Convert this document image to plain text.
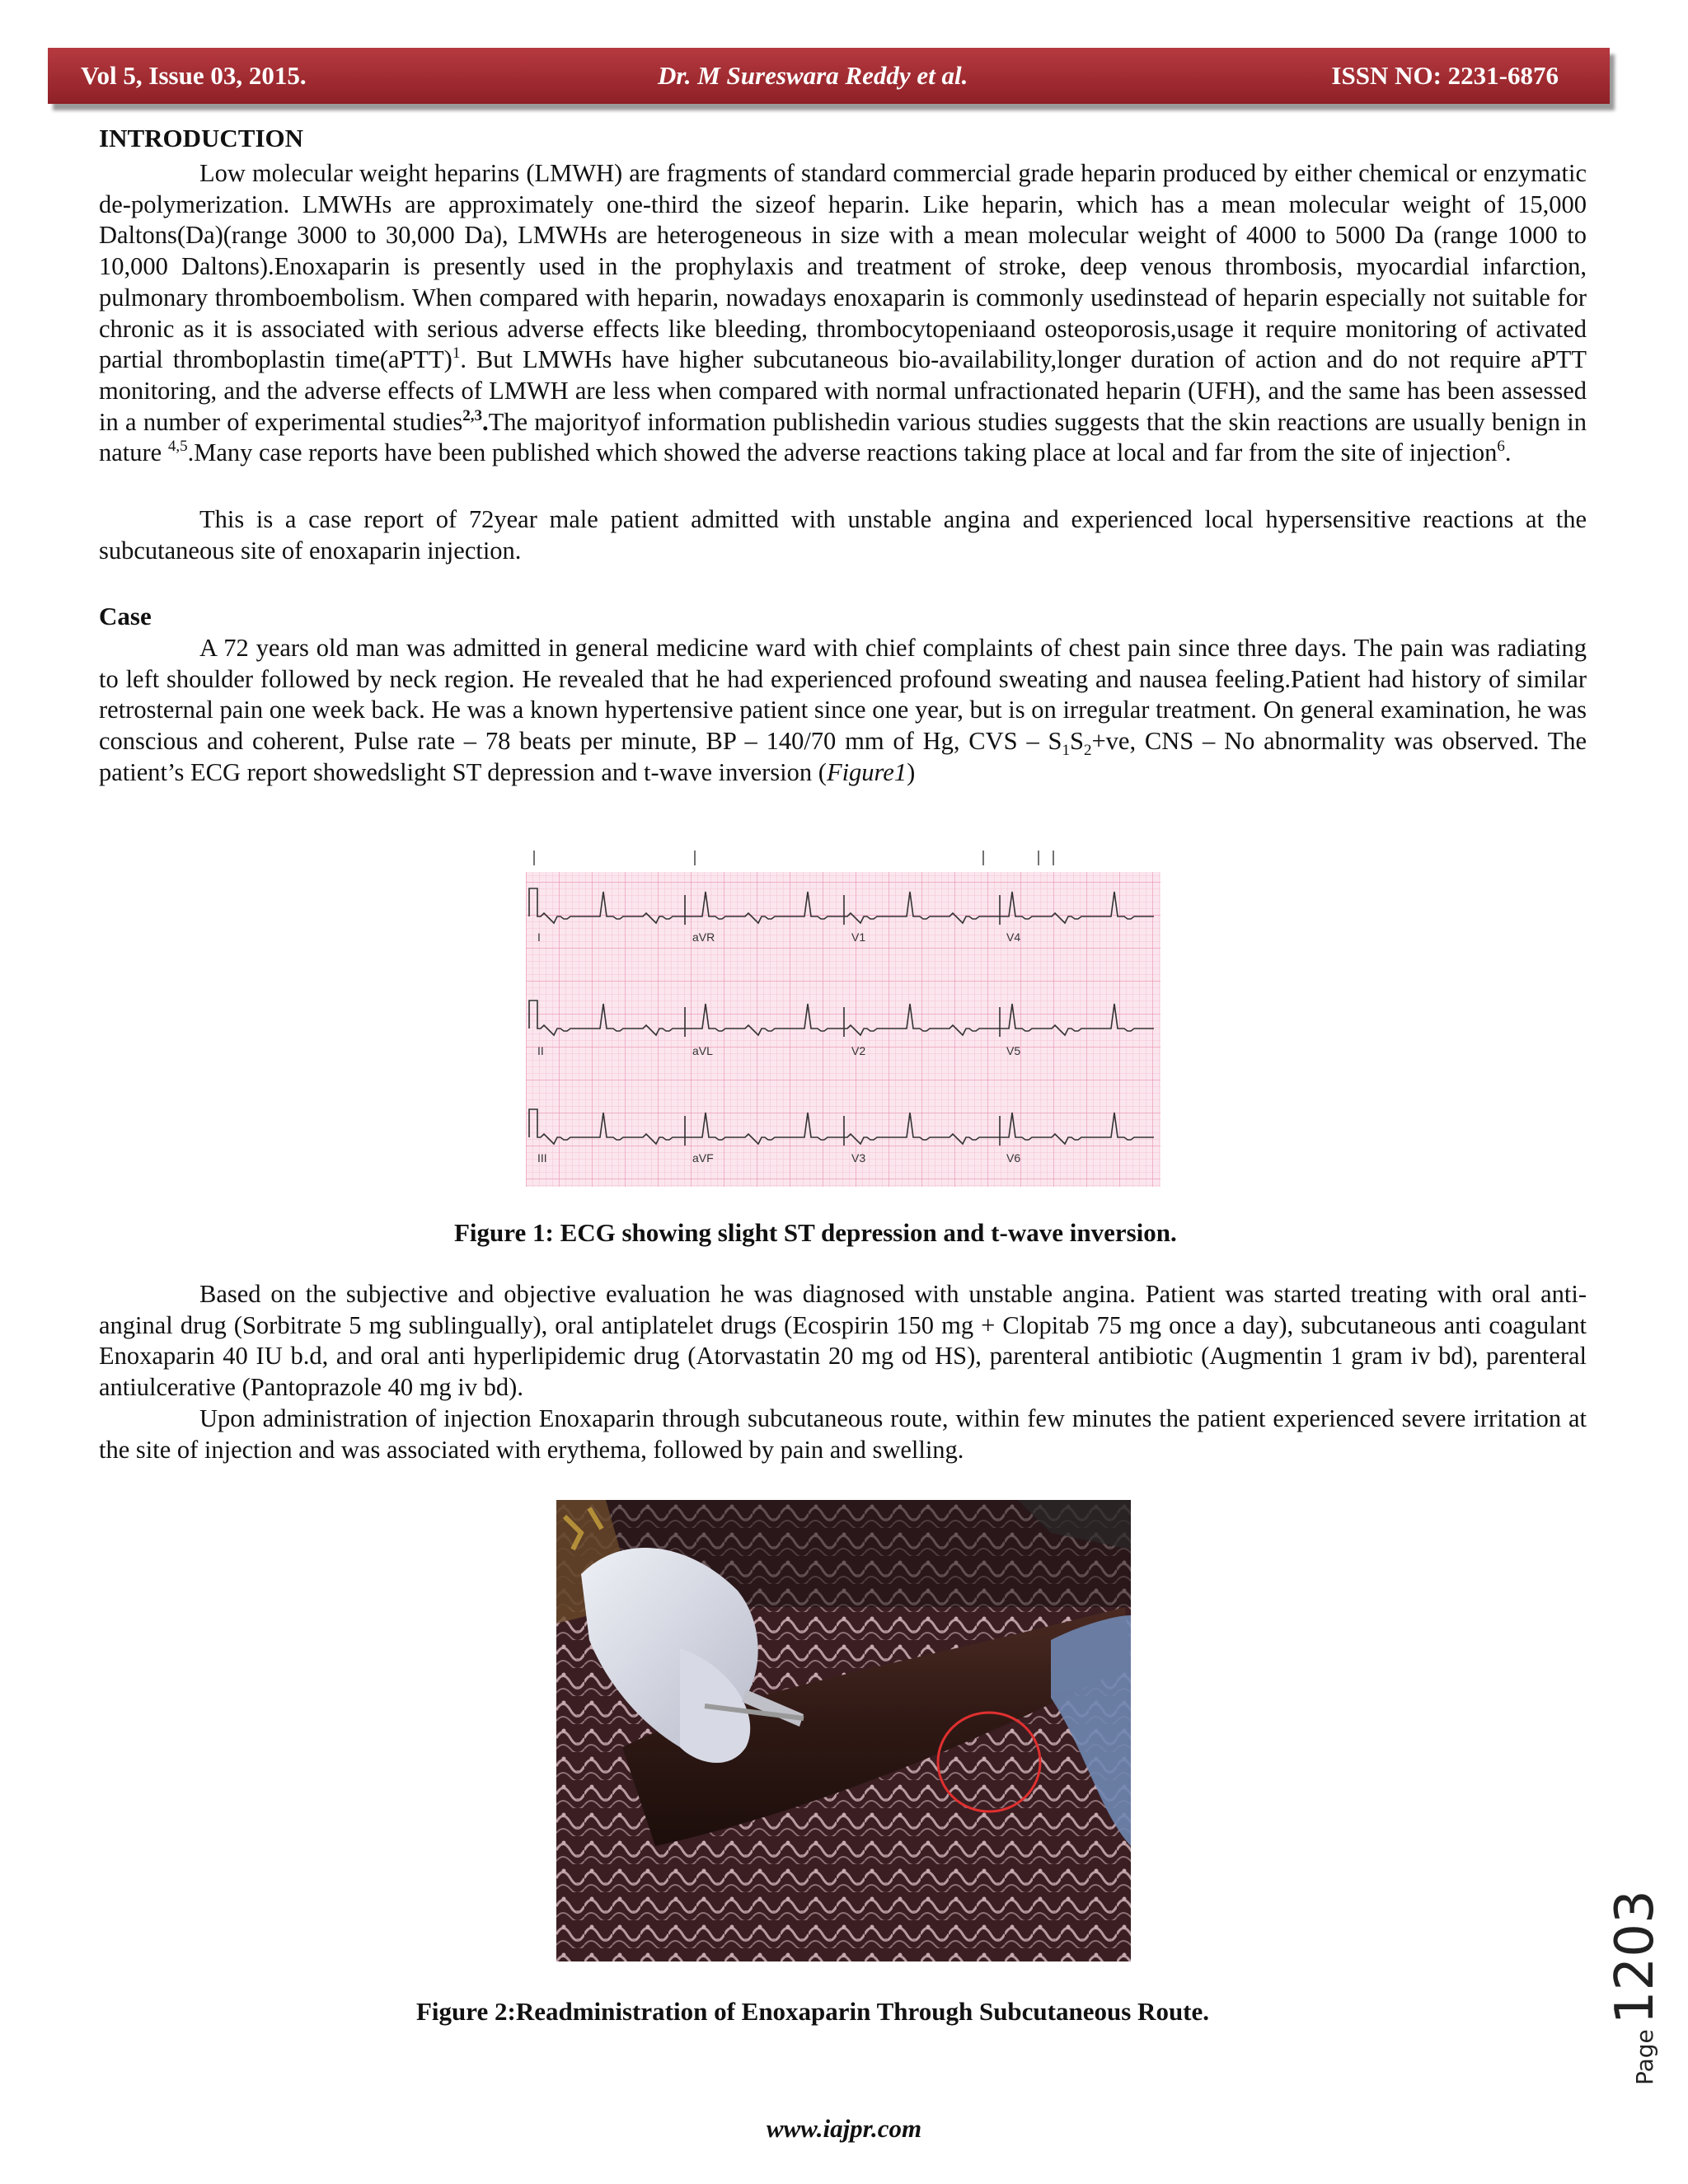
Vol 5, Issue 03, 2015.	Dr. M Sureswara Reddy et al.	ISSN NO: 2231-6876
INTRODUCTION

Low molecular weight heparins (LMWH) are fragments of standard commercial grade heparin produced by either chemical or enzymatic de-polymerization. LMWHs are approximately one-third the sizeof heparin. Like heparin, which has a mean molecular weight of 15,000 Daltons(Da)(range 3000 to 30,000 Da), LMWHs are heterogeneous in size with a mean molecular weight of 4000 to 5000 Da (range 1000 to 10,000 Daltons).Enoxaparin is presently used in the prophylaxis and treatment of stroke, deep venous thrombosis, myocardial infarction, pulmonary thromboembolism. When compared with heparin, nowadays enoxaparin is commonly usedinstead of heparin especially not suitable for chronic as it is associated with serious adverse effects like bleeding, thrombocytopeniaand osteoporosis,usage it require monitoring of activated partial thromboplastin time(aPTT)$^1$. But LMWHs have higher subcutaneous bio-availability,longer duration of action and do not require aPTT monitoring, and the adverse effects of LMWH are less when compared with normal unfractionated heparin (UFH), and the same has been assessed in a number of experimental studies$^{2,3}$.The majorityof information publishedin various studies suggests that the skin reactions are usually benign in nature $^{4,5}$.Many case reports have been published which showed the adverse reactions taking place at local and far from the site of injection$^6$.

This is a case report of 72year male patient admitted with unstable angina and experienced local hypersensitive reactions at the subcutaneous site of enoxaparin injection.

Case

A 72 years old man was admitted in general medicine ward with chief complaints of chest pain since three days. The pain was radiating to left shoulder followed by neck region. He revealed that he had experienced profound sweating and nausea feeling.Patient had history of similar retrosternal pain one week back. He was a known hypertensive patient since one year, but is on irregular treatment. On general examination, he was conscious and coherent, Pulse rate – 78 beats per minute, BP – 140/70 mm of Hg, CVS – $S_1S_2+ve$, CNS – No abnormality was observed. The patient’s ECG report showedslight ST depression and t-wave inversion (Figure1)

I	aVR	V1	V4
II	aVL	V2	V5
III	aVF	V3	V6
Figure 1: ECG showing slight ST depression and t-wave inversion.

Based on the subjective and objective evaluation he was diagnosed with unstable angina. Patient was started treating with oral anti-anginal drug (Sorbitrate 5 mg sublingually), oral antiplatelet drugs (Ecospirin 150 mg + Clopitab 75 mg once a day), subcutaneous anti coagulant Enoxaparin 40 IU b.d, and oral anti hyperlipidemic drug (Atorvastatin 20 mg od HS), parenteral antibiotic (Augmentin 1 gram iv bd), parenteral antiulcerative (Pantoprazole 40 mg iv bd).

Upon administration of injection Enoxaparin through subcutaneous route, within few minutes the patient experienced severe irritation at the site of injection and was associated with erythema, followed by pain and swelling.

Figure 2:Readministration of Enoxaparin Through Subcutaneous Route.
Page1203
www.iajpr.com
